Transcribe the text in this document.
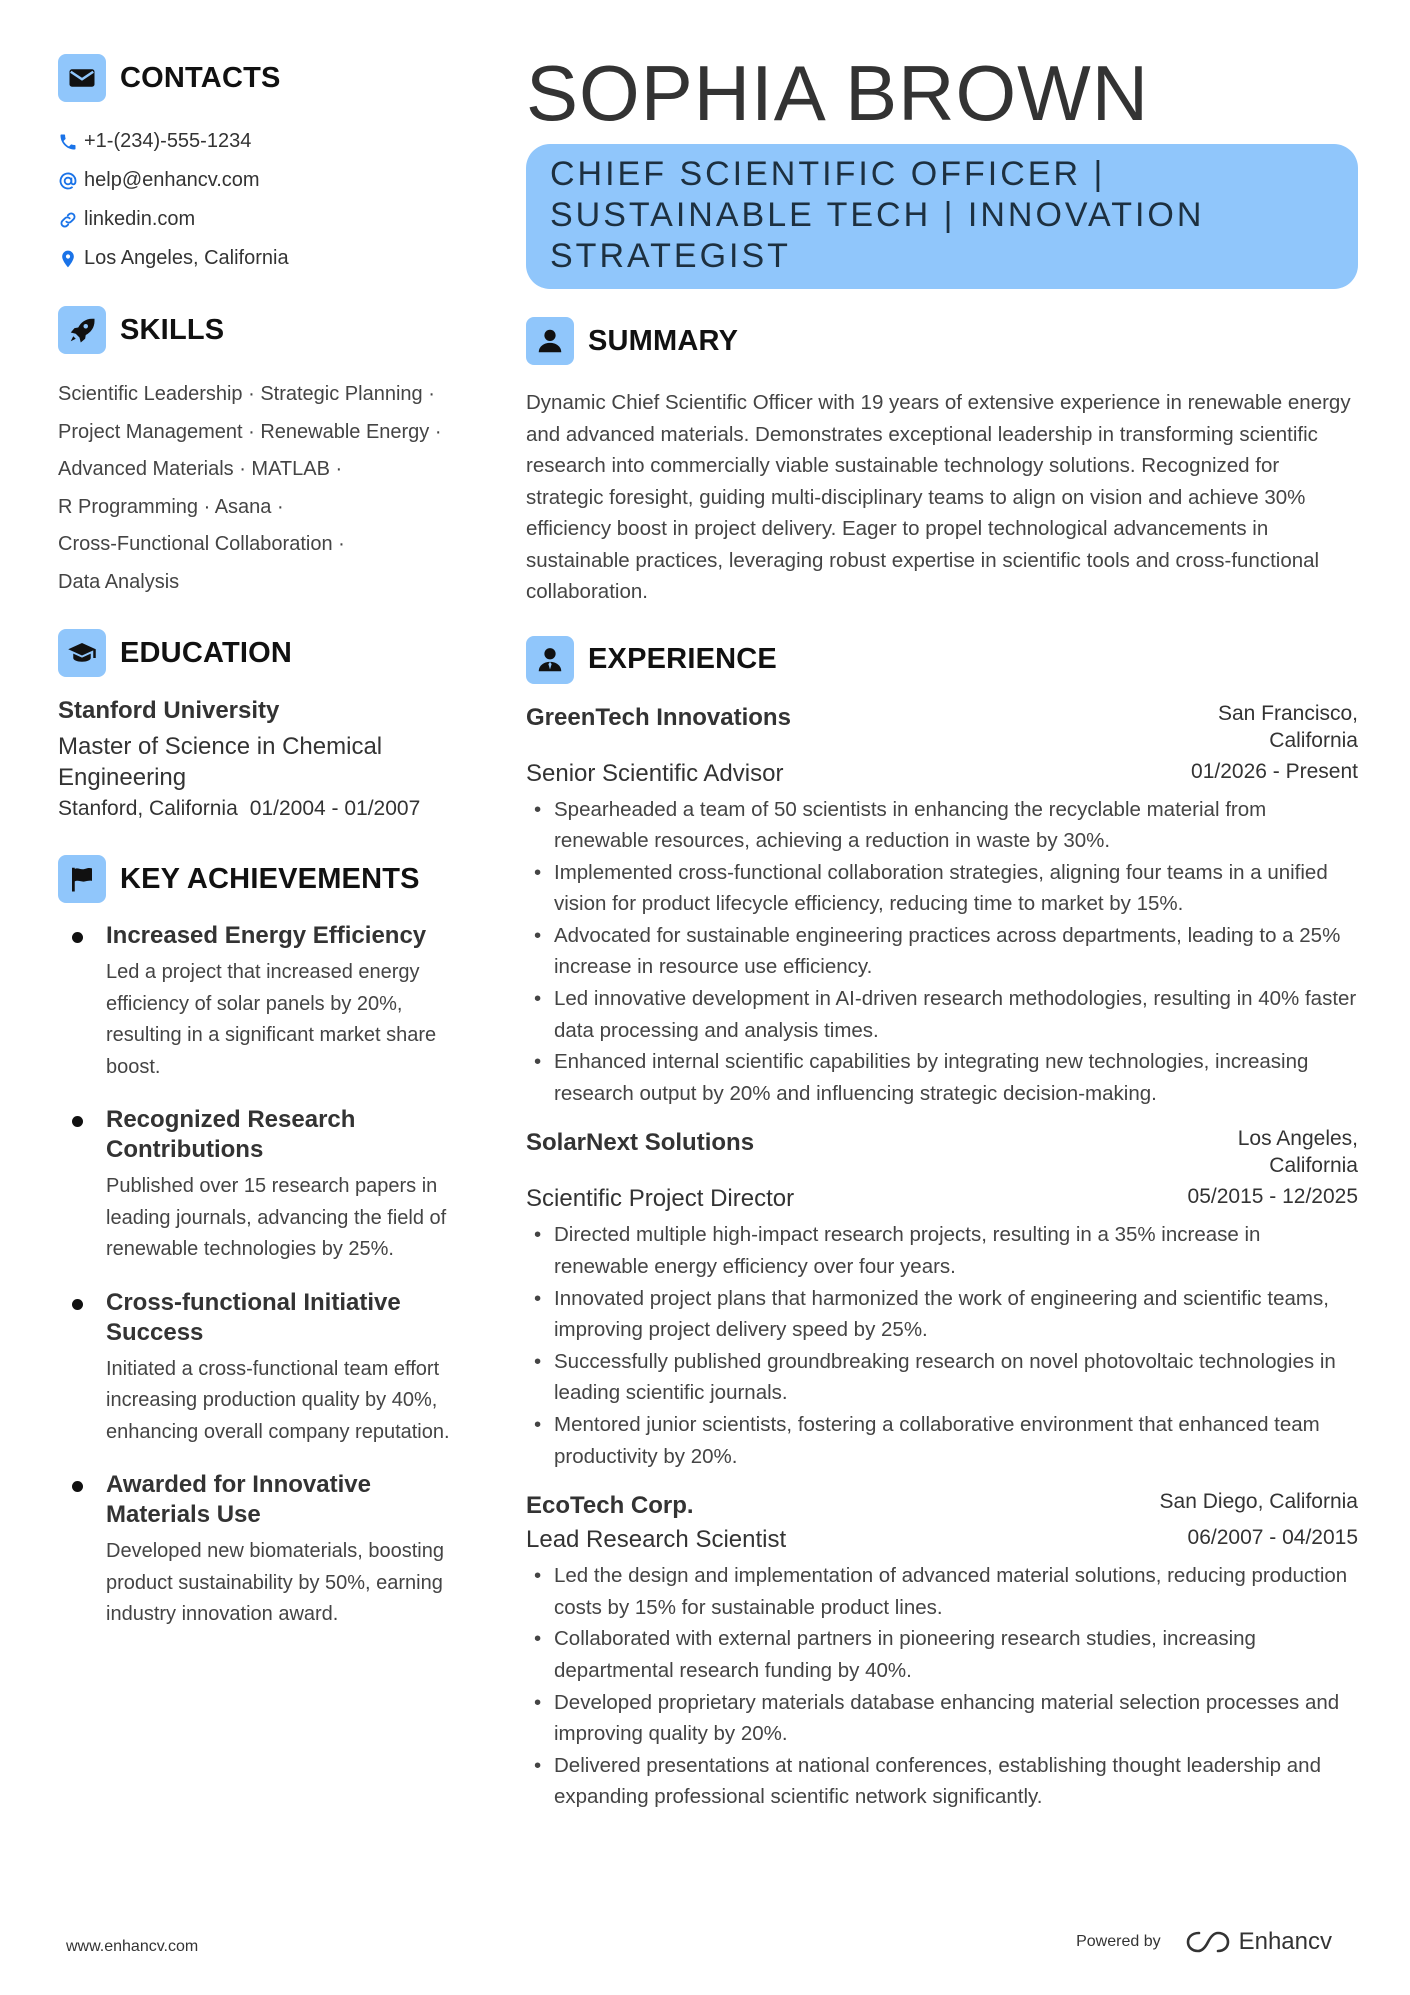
CONTACTS
+1-(234)-555-1234
help@enhancv.com
linkedin.com
Los Angeles, California
SKILLS
Scientific Leadership · Strategic Planning ·
Project Management · Renewable Energy ·
Advanced Materials · MATLAB ·
R Programming · Asana ·
Cross-Functional Collaboration ·
Data Analysis
EDUCATION
Stanford University
Master of Science in Chemical Engineering
Stanford, California 01/2004 - 01/2007
KEY ACHIEVEMENTS
Increased Energy Efficiency
Led a project that increased energy efficiency of solar panels by 20%, resulting in a significant market share boost.
Recognized Research Contributions
Published over 15 research papers in leading journals, advancing the field of renewable technologies by 25%.
Cross-functional Initiative Success
Initiated a cross-functional team effort increasing production quality by 40%, enhancing overall company reputation.
Awarded for Innovative Materials Use
Developed new biomaterials, boosting product sustainability by 50%, earning industry innovation award.
SOPHIA BROWN
CHIEF SCIENTIFIC OFFICER | SUSTAINABLE TECH | INNOVATION STRATEGIST
SUMMARY

Dynamic Chief Scientific Officer with 19 years of extensive experience in renewable energy and advanced materials. Demonstrates exceptional leadership in transforming scientific research into commercially viable sustainable technology solutions. Recognized for strategic foresight, guiding multi-disciplinary teams to align on vision and achieve 30% efficiency boost in project delivery. Eager to propel technological advancements in sustainable practices, leveraging robust expertise in scientific tools and cross-functional collaboration.

EXPERIENCE
GreenTech Innovations	San Francisco, California
Senior Scientific Advisor	01/2026 - Present
• Spearheaded a team of 50 scientists in enhancing the recyclable material from renewable resources, achieving a reduction in waste by 30%.
• Implemented cross-functional collaboration strategies, aligning four teams in a unified vision for product lifecycle efficiency, reducing time to market by 15%.
• Advocated for sustainable engineering practices across departments, leading to a 25% increase in resource use efficiency.
• Led innovative development in AI-driven research methodologies, resulting in 40% faster data processing and analysis times.
• Enhanced internal scientific capabilities by integrating new technologies, increasing research output by 20% and influencing strategic decision-making.
SolarNext Solutions	Los Angeles, California
Scientific Project Director	05/2015 - 12/2025
• Directed multiple high-impact research projects, resulting in a 35% increase in renewable energy efficiency over four years.
• Innovated project plans that harmonized the work of engineering and scientific teams, improving project delivery speed by 25%.
• Successfully published groundbreaking research on novel photovoltaic technologies in leading scientific journals.
• Mentored junior scientists, fostering a collaborative environment that enhanced team productivity by 20%.
EcoTech Corp.	San Diego, California
Lead Research Scientist	06/2007 - 04/2015
• Led the design and implementation of advanced material solutions, reducing production costs by 15% for sustainable product lines.
• Collaborated with external partners in pioneering research studies, increasing departmental research funding by 40%.
• Developed proprietary materials database enhancing material selection processes and improving quality by 20%.
• Delivered presentations at national conferences, establishing thought leadership and expanding professional scientific network significantly.
www.enhancv.com	Powered by	Enhancv
